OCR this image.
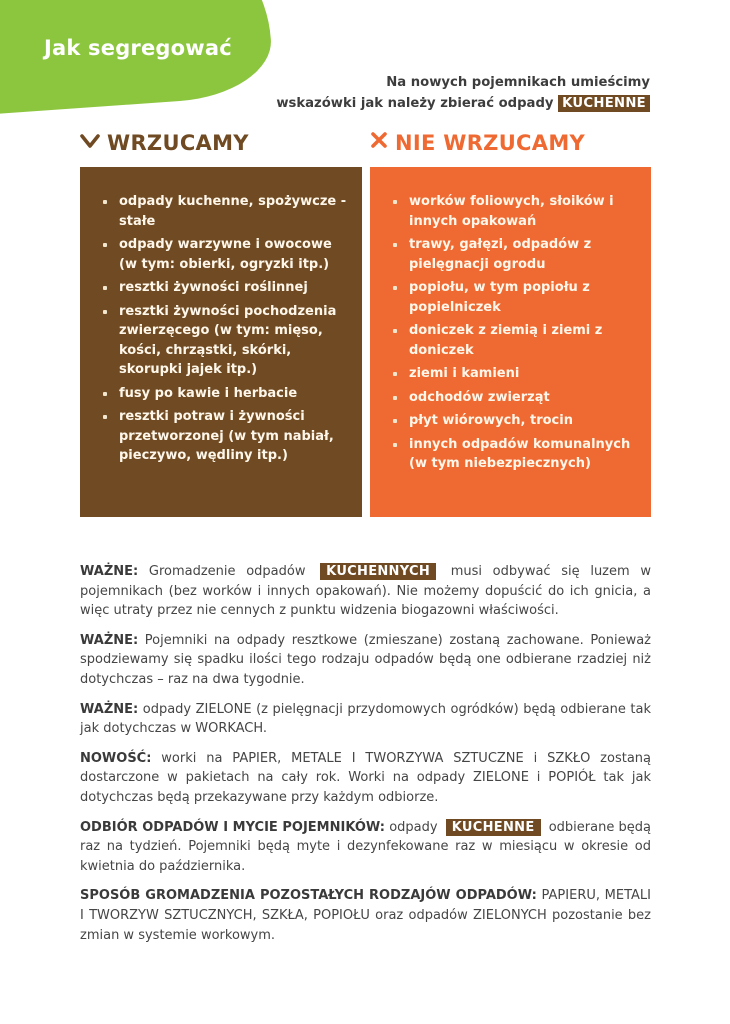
Jak segregować
Na nowych pojemnikach umieścimy
wskazówki jak należy zbierać odpady KUCHENNE
WRZUCAMY	NIE WRZUCAMY
odpady kuchenne, spożywcze - stałe
odpady warzywne i owocowe (w tym: obierki, ogryzki itp.)
resztki żywności roślinnej
resztki żywności pochodzenia zwierzęcego (w tym: mięso, kości, chrząstki, skórki, skorupki jajek itp.)
fusy po kawie i herbacie
resztki potraw i żywności przetworzonej (w tym nabiał, pieczywo, wędliny itp.)
worków foliowych, słoików i innych opakowań
trawy, gałęzi, odpadów z pielęgnacji ogrodu
popiołu, w tym popiołu z popielniczek
doniczek z ziemią i ziemi z doniczek
ziemi i kamieni
odchodów zwierząt
płyt wiórowych, trocin
innych odpadów komunalnych (w tym niebezpiecznych)

WAŻNE: Gromadzenie odpadów KUCHENNYCH musi odbywać się luzem w pojemnikach (bez worków i innych opakowań). Nie możemy dopuścić do ich gnicia, a więc utraty przez nie cennych z punktu widzenia biogazowni właściwości.

WAŻNE: Pojemniki na odpady resztkowe (zmieszane) zostaną zachowane. Ponieważ spodziewamy się spadku ilości tego rodzaju odpadów będą one odbierane rzadziej niż dotychczas – raz na dwa tygodnie.

WAŻNE: odpady ZIELONE (z pielęgnacji przydomowych ogródków) będą odbierane tak jak dotychczas w WORKACH.

NOWOŚĆ: worki na PAPIER, METALE I TWORZYWA SZTUCZNE i SZKŁO zostaną dostarczone w pakietach na cały rok. Worki na odpady ZIELONE i POPIÓŁ tak jak dotychczas będą przekazywane przy każdym odbiorze.

ODBIÓR ODPADÓW I MYCIE POJEMNIKÓW: odpady KUCHENNE odbierane będą raz na tydzień. Pojemniki będą myte i dezynfekowane raz w miesiącu w okresie od kwietnia do października.

SPOSÓB GROMADZENIA POZOSTAŁYCH RODZAJÓW ODPADÓW: PAPIERU, METALI I TWORZYW SZTUCZNYCH, SZKŁA, POPIOŁU oraz odpadów ZIELONYCH pozostanie bez zmian w systemie workowym.
